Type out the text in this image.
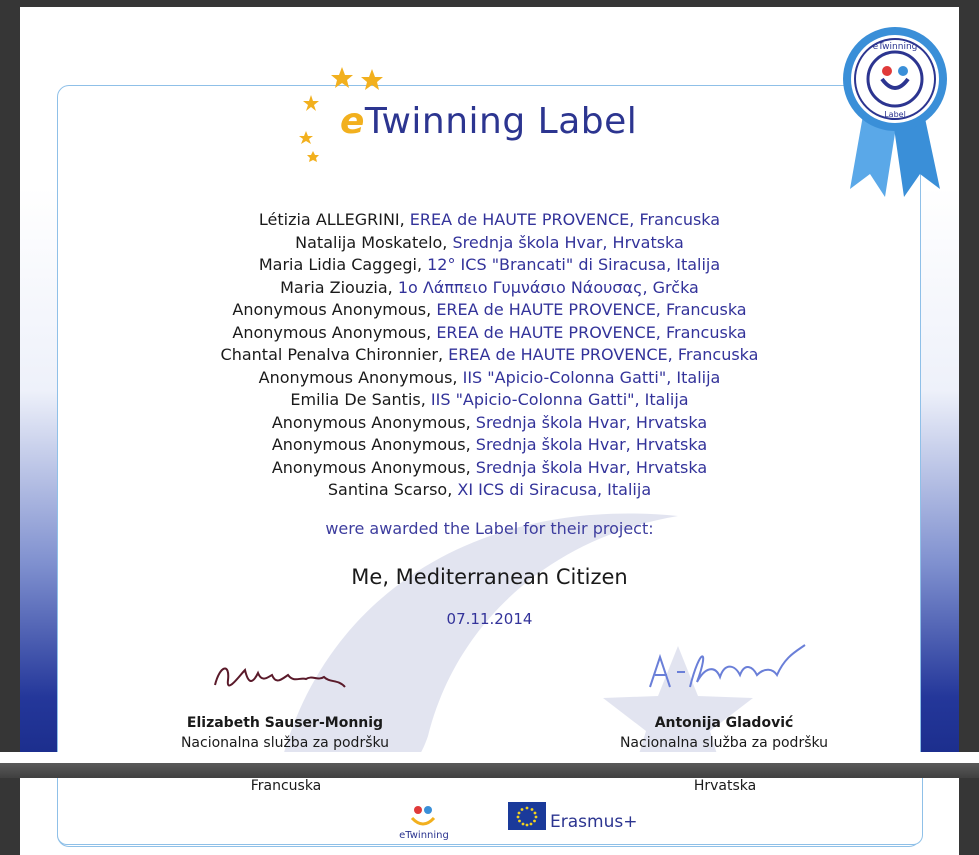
eTwinning Label
eTwinning
Label
Létizia ALLEGRINI, EREA de HAUTE PROVENCE, Francuska
Natalija Moskatelo, Srednja škola Hvar, Hrvatska
Maria Lidia Caggegi, 12° ICS "Brancati" di Siracusa, Italija
Maria Ziouzia, 1ο Λάππειο Γυμνάσιο Νάουσας, Grčka
Anonymous Anonymous, EREA de HAUTE PROVENCE, Francuska
Anonymous Anonymous, EREA de HAUTE PROVENCE, Francuska
Chantal Penalva Chironnier, EREA de HAUTE PROVENCE, Francuska
Anonymous Anonymous, IIS "Apicio-Colonna Gatti", Italija
Emilia De Santis, IIS "Apicio-Colonna Gatti", Italija
Anonymous Anonymous, Srednja škola Hvar, Hrvatska
Anonymous Anonymous, Srednja škola Hvar, Hrvatska
Anonymous Anonymous, Srednja škola Hvar, Hrvatska
Santina Scarso, XI ICS di Siracusa, Italija
were awarded the Label for their project:
Me, Mediterranean Citizen
07.11.2014
Elizabeth Sauser-Monnig
Nacionalna služba za podršku
Antonija Gladović
Nacionalna služba za podršku
Francuska	Hrvatska
eTwinning
Erasmus+
